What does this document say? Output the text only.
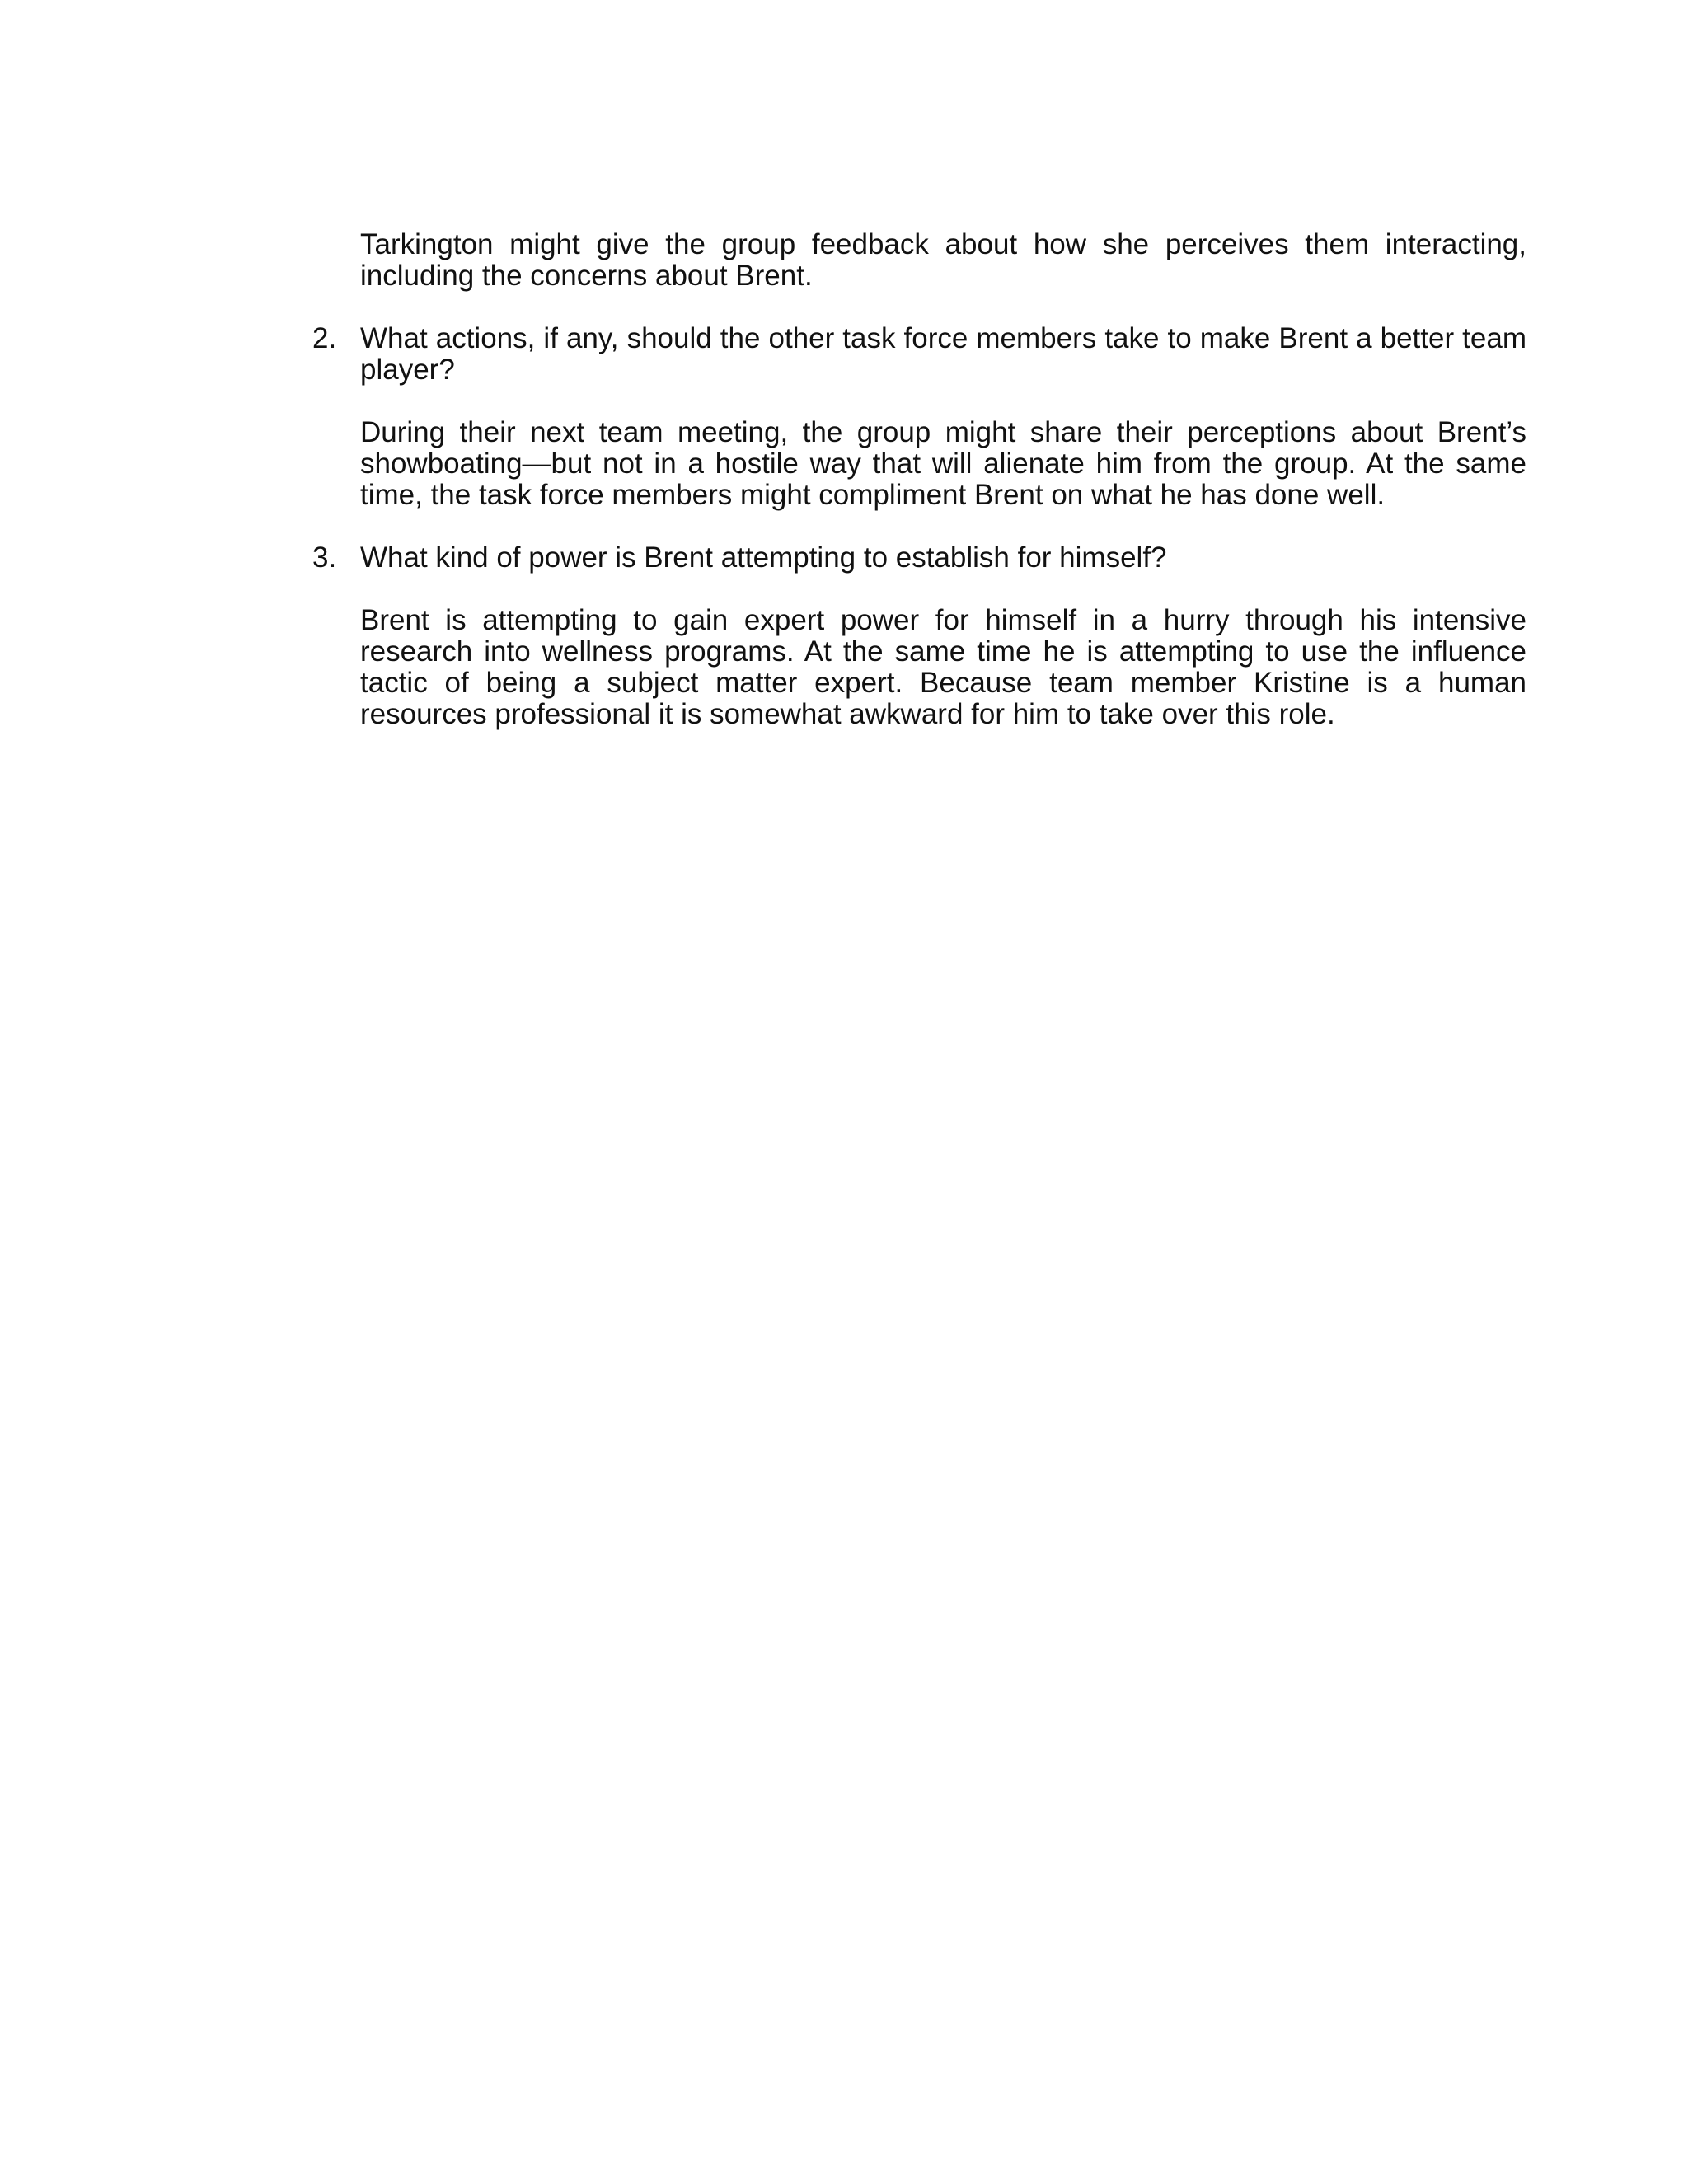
Tarkington might give the group feedback about how she perceives them interacting, including the concerns about Brent.

2. What actions, if any, should the other task force members take to make Brent a better team player?

During their next team meeting, the group might share their perceptions about Brent’s showboating—but not in a hostile way that will alienate him from the group. At the same time, the task force members might compliment Brent on what he has done well.

3. What kind of power is Brent attempting to establish for himself?

Brent is attempting to gain expert power for himself in a hurry through his intensive research into wellness programs. At the same time he is attempting to use the influence tactic of being a subject matter expert. Because team member Kristine is a human resources professional it is somewhat awkward for him to take over this role.
